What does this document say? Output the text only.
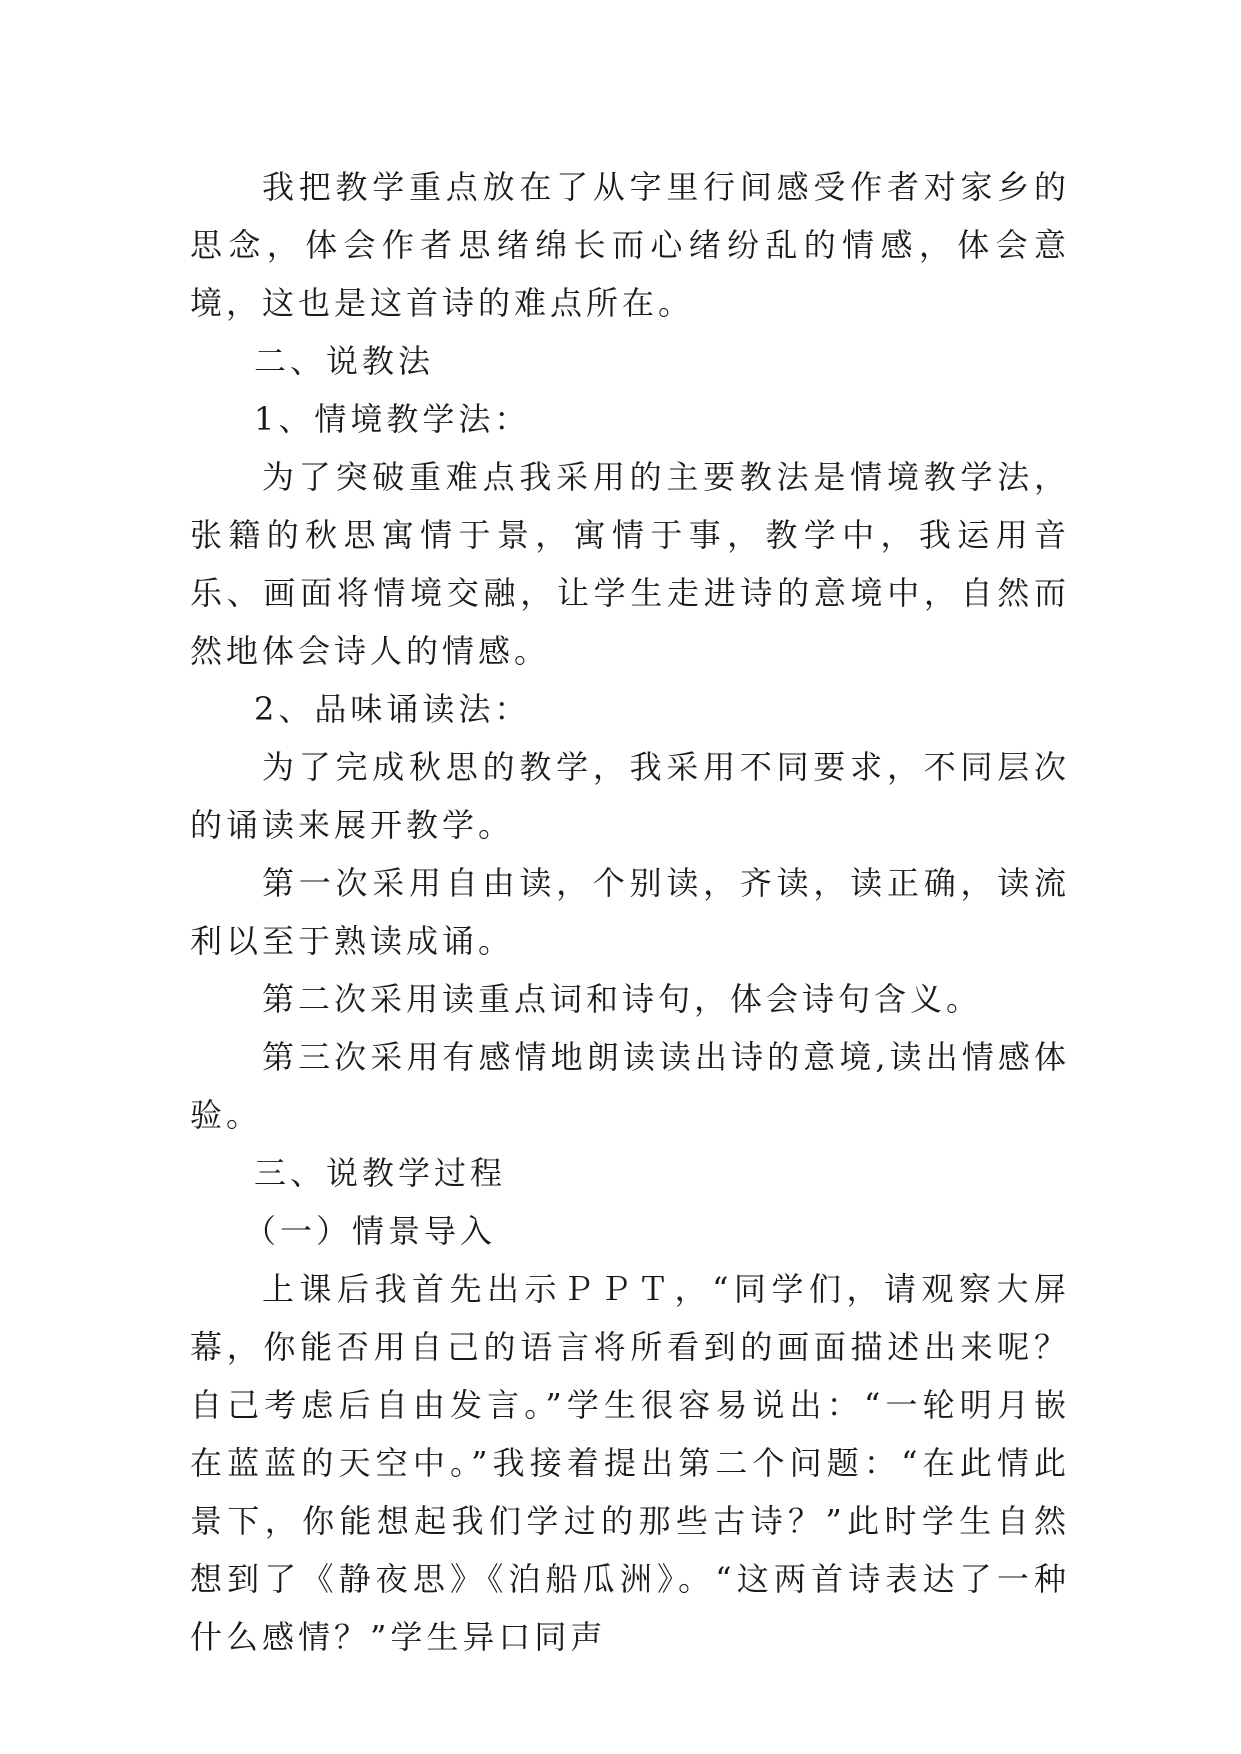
我把教学重点放在了从字里行间感受作者对家乡的思念，体会作者思绪绵长而心绪纷乱的情感，体会意境，这也是这首诗的难点所在。

二、说教法

1、情境教学法：

为了突破重难点我采用的主要教法是情境教学法，张籍的秋思寓情于景，寓情于事，教学中，我运用音乐、画面将情境交融，让学生走进诗的意境中，自然而然地体会诗人的情感。

2、品味诵读法：

为了完成秋思的教学，我采用不同要求，不同层次的诵读来展开教学。

第一次采用自由读，个别读，齐读，读正确，读流利以至于熟读成诵。

第二次采用读重点词和诗句，体会诗句含义。

第三次采用有感情地朗读读出诗的意境,读出情感体验。

三、说教学过程

（一）情景导入

上课后我首先出示ＰＰＴ，“同学们，请观察大屏幕，你能否用自己的语言将所看到的画面描述出来呢？自己考虑后自由发言。”学生很容易说出：“一轮明月嵌在蓝蓝的天空中。”我接着提出第二个问题：“在此情此景下，你能想起我们学过的那些古诗？”此时学生自然想到了《静夜思》《泊船瓜洲》。“这两首诗表达了一种什么感情？”学生异口同声
